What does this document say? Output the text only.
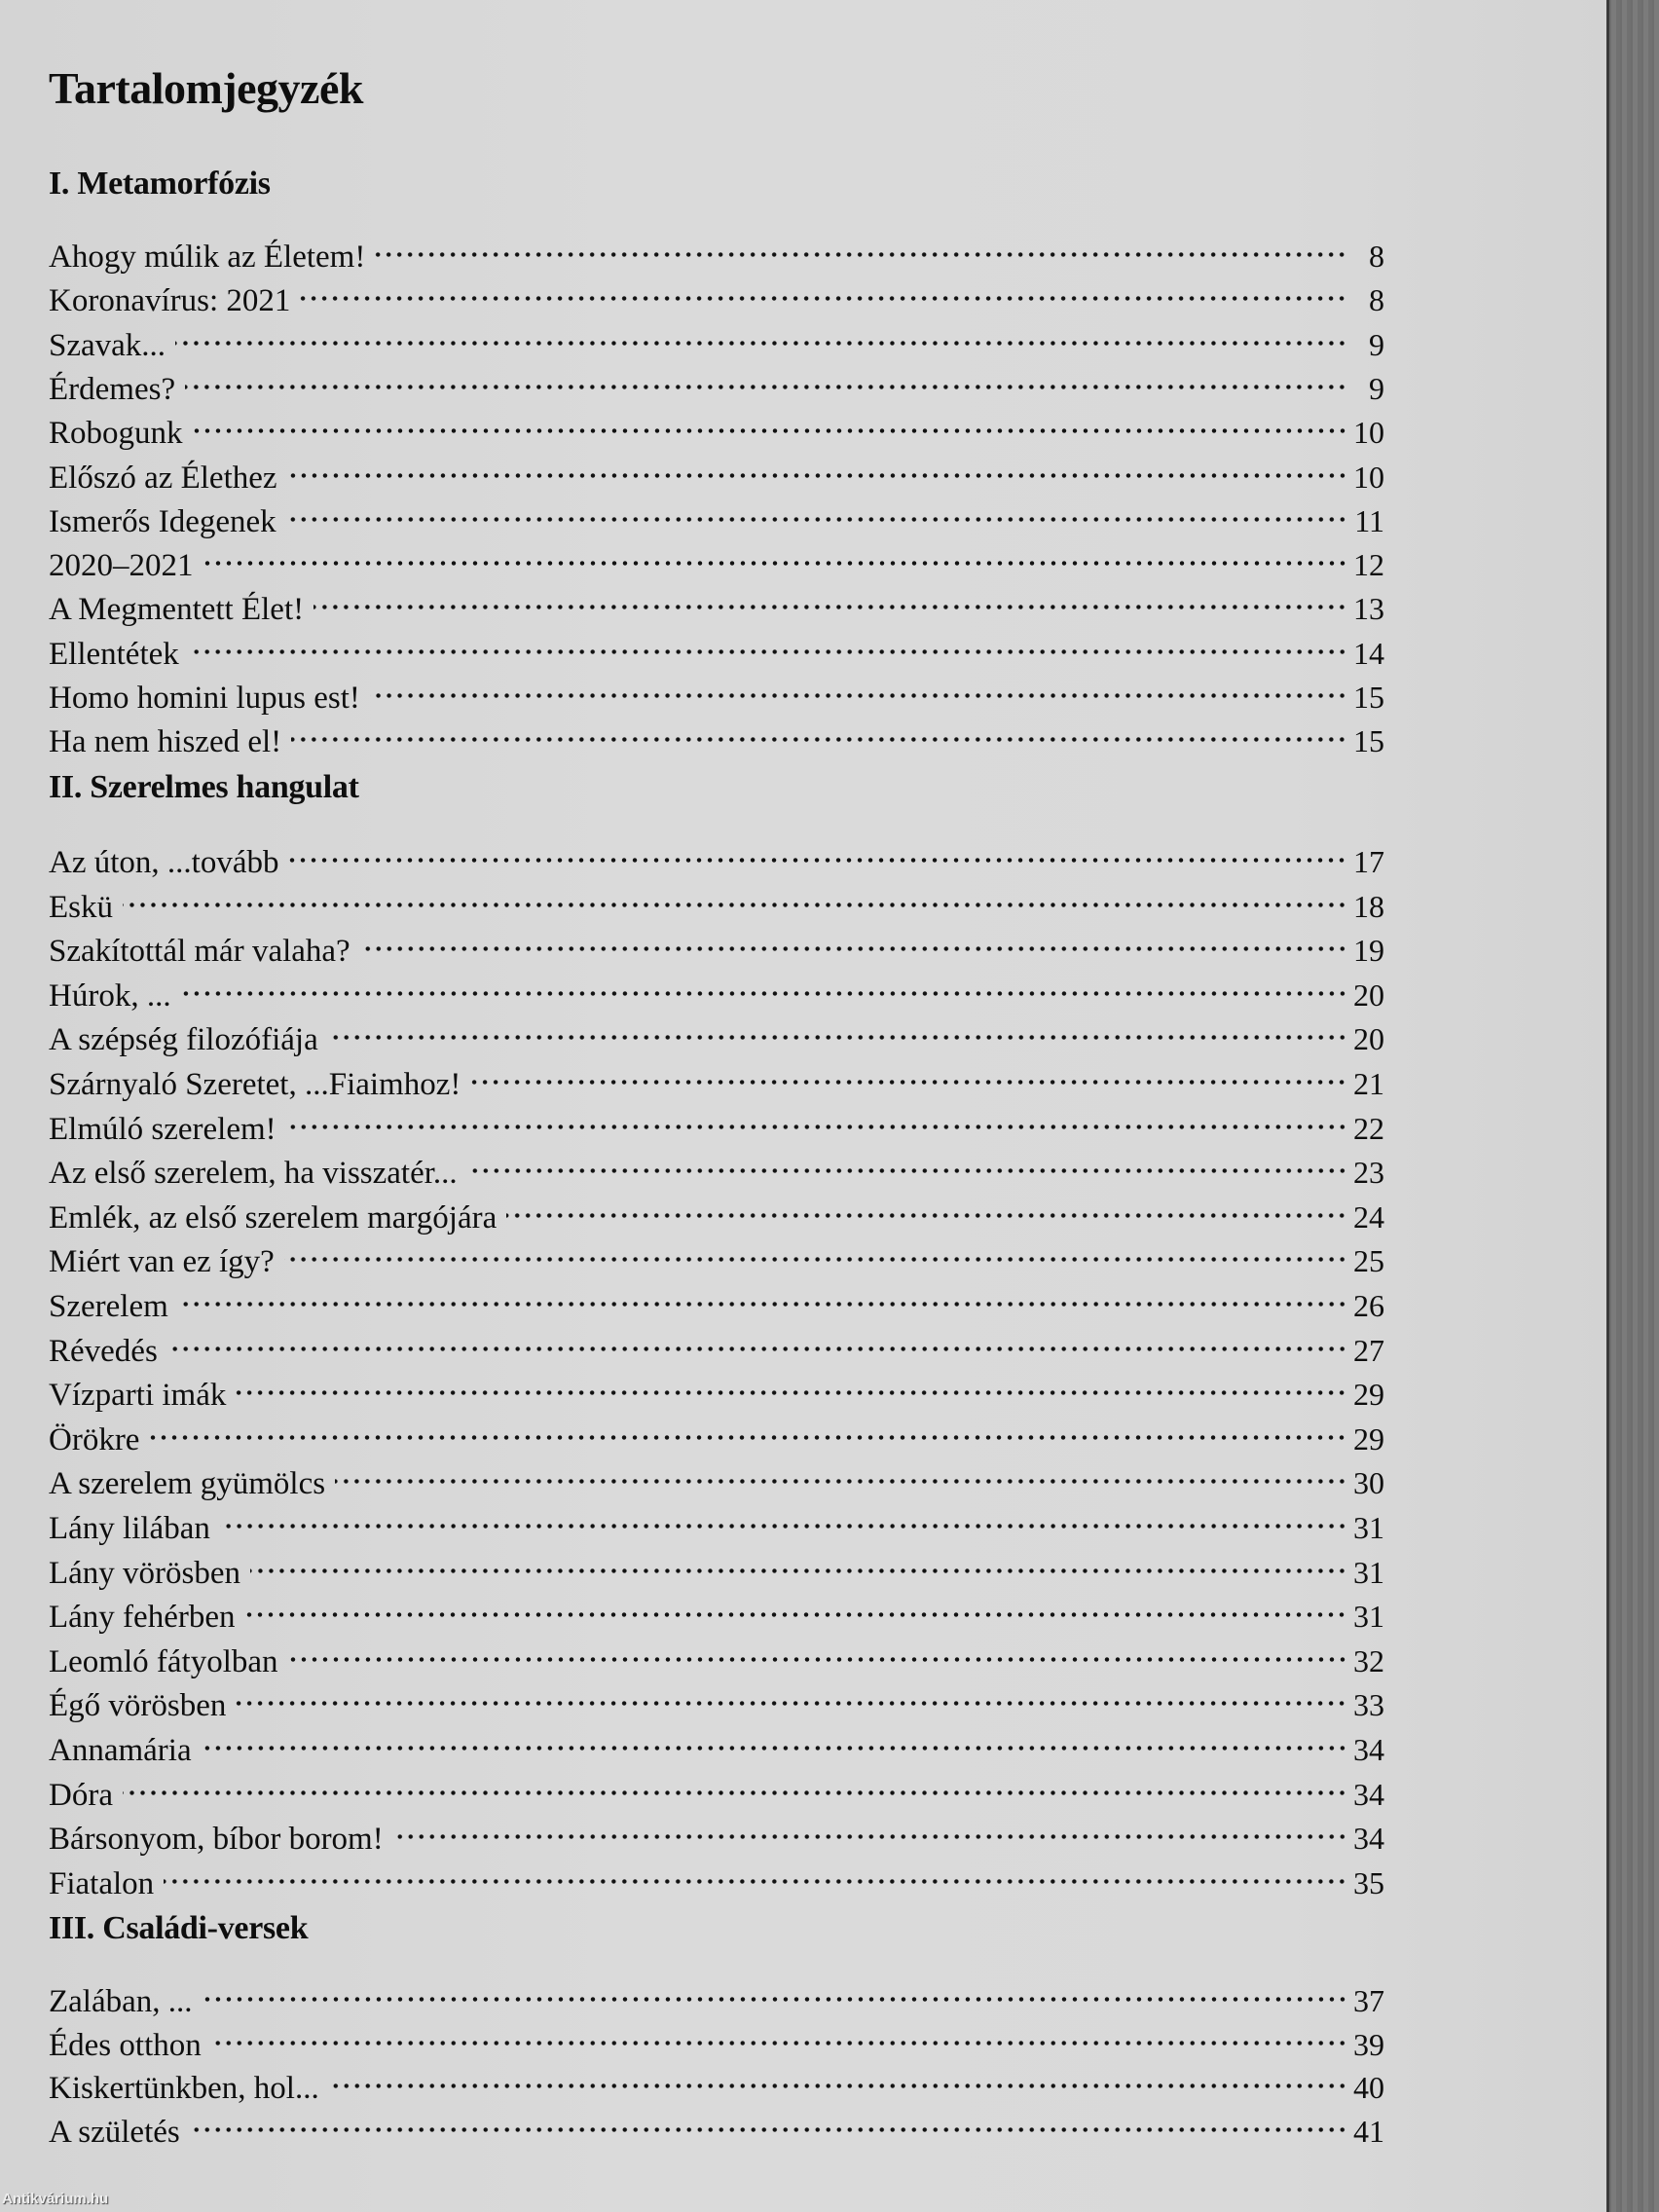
Tartalomjegyzék
I. Metamorfózis
Ahogy múlik az Életem!	8
Koronavírus: 2021	8
Szavak...	9
Érdemes?	9
Robogunk	10
Előszó az Élethez	10
Ismerős Idegenek	11
2020–2021	12
A Megmentett Élet!	13
Ellentétek	14
Homo homini lupus est!	15
Ha nem hiszed el!	15
II. Szerelmes hangulat
Az úton, ...tovább	17
Eskü	18
Szakítottál már valaha?	19
Húrok, ...	20
A szépség filozófiája	20
Szárnyaló Szeretet, ...Fiaimhoz!	21
Elmúló szerelem!	22
Az első szerelem, ha visszatér...	23
Emlék, az első szerelem margójára	24
Miért van ez így?	25
Szerelem	26
Révedés	27
Vízparti imák	29
Örökre	29
A szerelem gyümölcs	30
Lány lilában	31
Lány vörösben	31
Lány fehérben	31
Leomló fátyolban	32
Égő vörösben	33
Annamária	34
Dóra	34
Bársonyom, bíbor borom!	34
Fiatalon	35
III. Családi-versek
Zalában, ...	37
Édes otthon	39
Kiskertünkben, hol...	40
A születés	41
Antikvárium.hu
